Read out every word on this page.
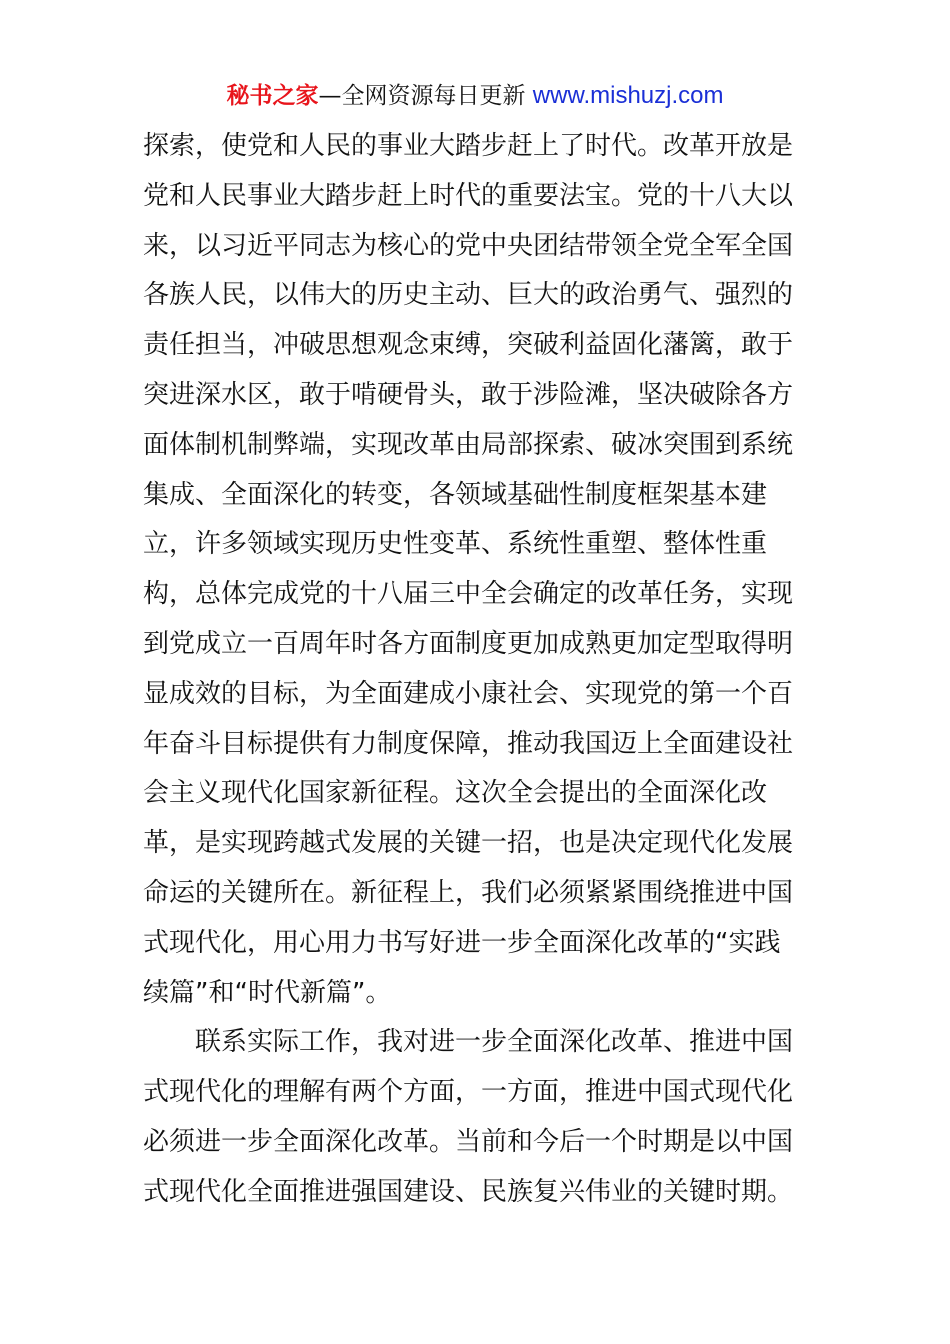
秘书之家—全网资源每日更新 www.mishuzj.com
探索，使党和人民的事业大踏步赶上了时代。改革开放是
党和人民事业大踏步赶上时代的重要法宝。党的十八大以
来，以习近平同志为核心的党中央团结带领全党全军全国
各族人民，以伟大的历史主动、巨大的政治勇气、强烈的
责任担当，冲破思想观念束缚，突破利益固化藩篱，敢于
突进深水区，敢于啃硬骨头，敢于涉险滩，坚决破除各方
面体制机制弊端，实现改革由局部探索、破冰突围到系统
集成、全面深化的转变，各领域基础性制度框架基本建
立，许多领域实现历史性变革、系统性重塑、整体性重
构，总体完成党的十八届三中全会确定的改革任务，实现
到党成立一百周年时各方面制度更加成熟更加定型取得明
显成效的目标，为全面建成小康社会、实现党的第一个百
年奋斗目标提供有力制度保障，推动我国迈上全面建设社
会主义现代化国家新征程。这次全会提出的全面深化改
革，是实现跨越式发展的关键一招，也是决定现代化发展
命运的关键所在。新征程上，我们必须紧紧围绕推进中国
式现代化，用心用力书写好进一步全面深化改革的“实践
续篇”和“时代新篇”。
联系实际工作，我对进一步全面深化改革、推进中国
式现代化的理解有两个方面，一方面，推进中国式现代化
必须进一步全面深化改革。当前和今后一个时期是以中国
式现代化全面推进强国建设、民族复兴伟业的关键时期。
